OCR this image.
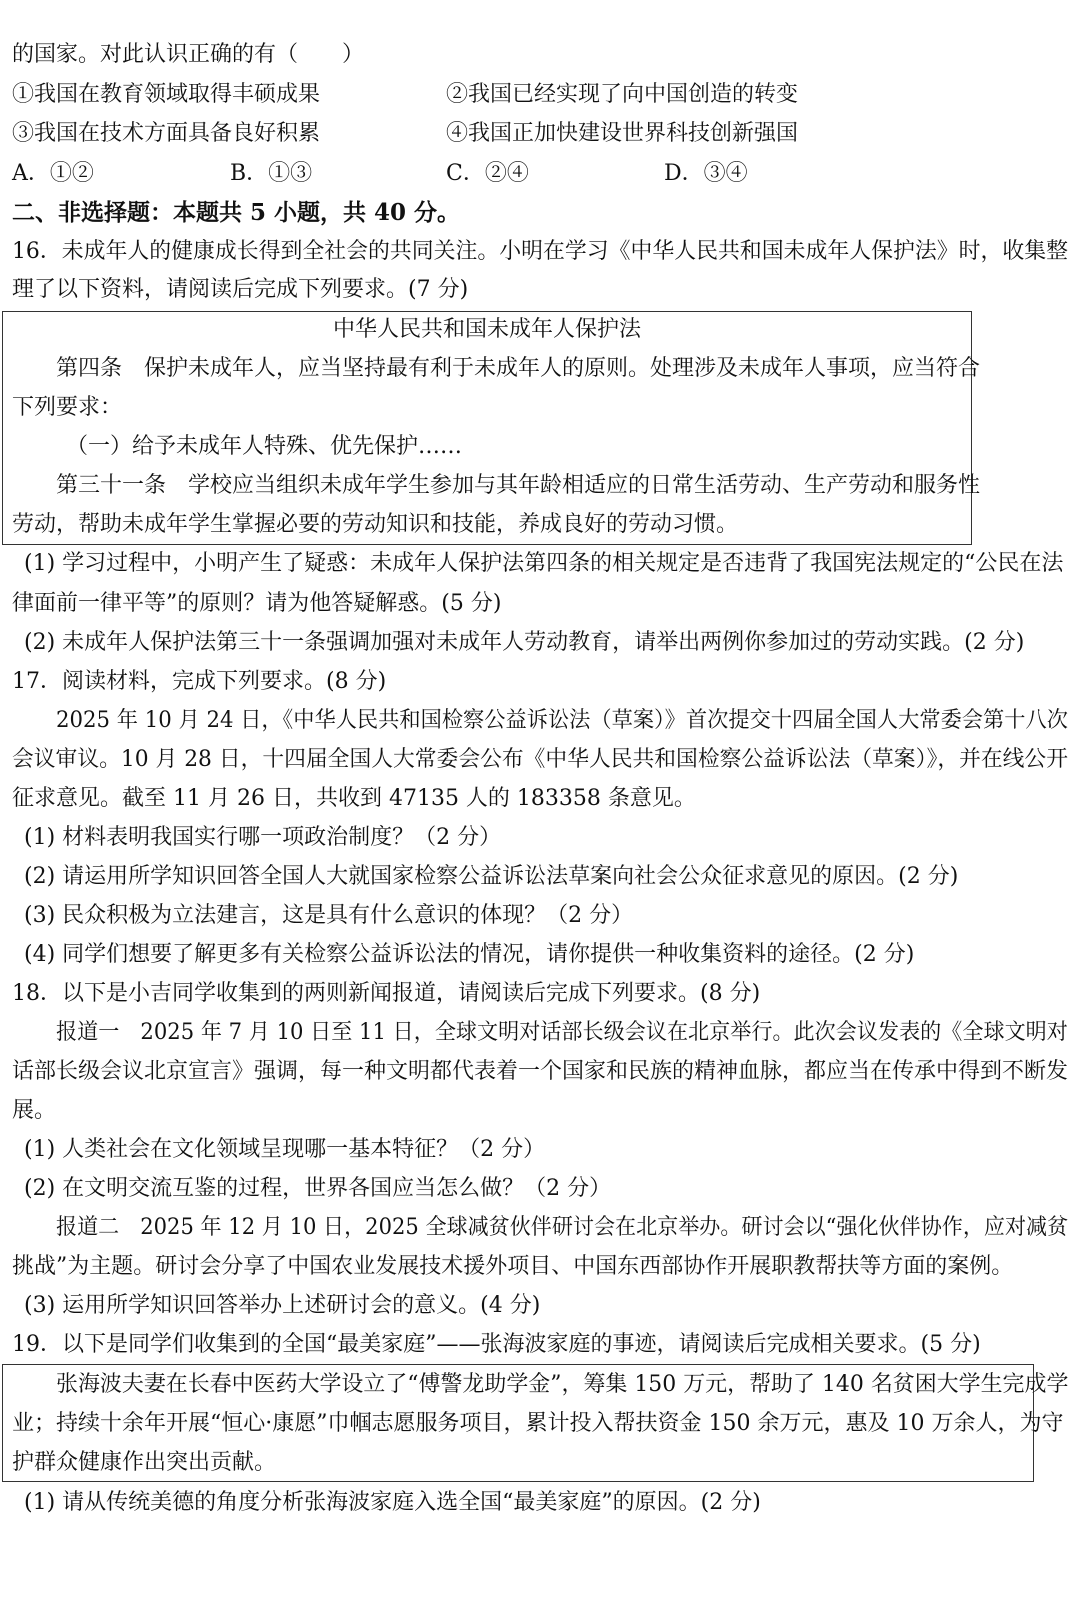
的国家。对此认识正确的有（　　）
①我国在教育领域取得丰硕成果	②我国已经实现了向中国创造的转变
③我国在技术方面具备良好积累	④我国正加快建设世界科技创新强国
A．①②	B．①③	C．②④	D．③④
二、非选择题：本题共 5 小题，共 40 分。
16．未成年人的健康成长得到全社会的共同关注。小明在学习《中华人民共和国未成年人保护法》时，收集整
理了以下资料，请阅读后完成下列要求。(7 分)
中华人民共和国未成年人保护法
第四条　保护未成年人，应当坚持最有利于未成年人的原则。处理涉及未成年人事项，应当符合
下列要求：
（一）给予未成年人特殊、优先保护……
第三十一条　学校应当组织未成年学生参加与其年龄相适应的日常生活劳动、生产劳动和服务性
劳动，帮助未成年学生掌握必要的劳动知识和技能，养成良好的劳动习惯。
(1) 学习过程中，小明产生了疑惑：未成年人保护法第四条的相关规定是否违背了我国宪法规定的“公民在法
律面前一律平等”的原则？请为他答疑解惑。(5 分)
(2) 未成年人保护法第三十一条强调加强对未成年人劳动教育，请举出两例你参加过的劳动实践。(2 分)
17．阅读材料，完成下列要求。(8 分)
2025 年 10 月 24 日，《中华人民共和国检察公益诉讼法（草案）》首次提交十四届全国人大常委会第十八次
会议审议。10 月 28 日，十四届全国人大常委会公布《中华人民共和国检察公益诉讼法（草案）》，并在线公开
征求意见。截至 11 月 26 日，共收到 47135 人的 183358 条意见。
(1) 材料表明我国实行哪一项政治制度？（2 分）
(2) 请运用所学知识回答全国人大就国家检察公益诉讼法草案向社会公众征求意见的原因。(2 分)
(3) 民众积极为立法建言，这是具有什么意识的体现？（2 分）
(4) 同学们想要了解更多有关检察公益诉讼法的情况，请你提供一种收集资料的途径。(2 分)
18．以下是小吉同学收集到的两则新闻报道，请阅读后完成下列要求。(8 分)
报道一　2025 年 7 月 10 日至 11 日，全球文明对话部长级会议在北京举行。此次会议发表的《全球文明对
话部长级会议北京宣言》强调，每一种文明都代表着一个国家和民族的精神血脉，都应当在传承中得到不断发
展。
(1) 人类社会在文化领域呈现哪一基本特征？（2 分）
(2) 在文明交流互鉴的过程，世界各国应当怎么做？（2 分）
报道二　2025 年 12 月 10 日，2025 全球减贫伙伴研讨会在北京举办。研讨会以“强化伙伴协作，应对减贫
挑战”为主题。研讨会分享了中国农业发展技术援外项目、中国东西部协作开展职教帮扶等方面的案例。
(3) 运用所学知识回答举办上述研讨会的意义。(4 分)
19．以下是同学们收集到的全国“最美家庭”——张海波家庭的事迹，请阅读后完成相关要求。(5 分)
张海波夫妻在长春中医药大学设立了“傅警龙助学金”，筹集 150 万元，帮助了 140 名贫困大学生完成学
业；持续十余年开展“恒心·康愿”巾帼志愿服务项目，累计投入帮扶资金 150 余万元，惠及 10 万余人，为守
护群众健康作出突出贡献。
(1) 请从传统美德的角度分析张海波家庭入选全国“最美家庭”的原因。(2 分)
